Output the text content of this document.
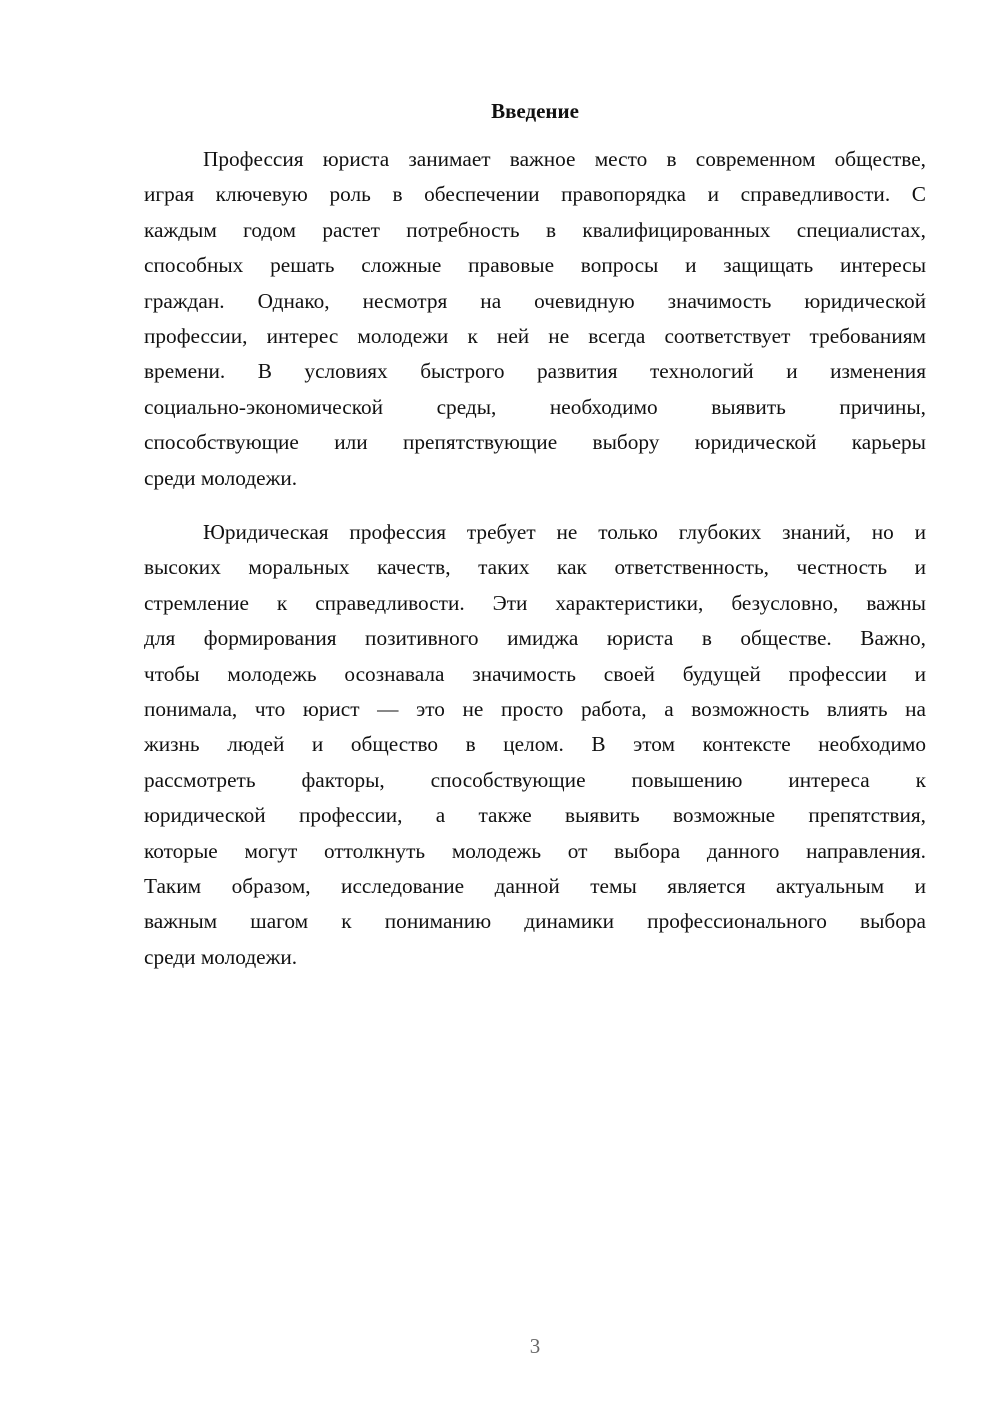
Введение
Профессия юриста занимает важное место в современном обществе,
играя ключевую роль в обеспечении правопорядка и справедливости. С
каждым годом растет потребность в квалифицированных специалистах,
способных решать сложные правовые вопросы и защищать интересы
граждан. Однако, несмотря на очевидную значимость юридической
профессии, интерес молодежи к ней не всегда соответствует требованиям
времени. В условиях быстрого развития технологий и изменения
социально-экономической среды, необходимо выявить причины,
способствующие или препятствующие выбору юридической карьеры
среди молодежи.
Юридическая профессия требует не только глубоких знаний, но и
высоких моральных качеств, таких как ответственность, честность и
стремление к справедливости. Эти характеристики, безусловно, важны
для формирования позитивного имиджа юриста в обществе. Важно,
чтобы молодежь осознавала значимость своей будущей профессии и
понимала, что юрист — это не просто работа, а возможность влиять на
жизнь людей и общество в целом. В этом контексте необходимо
рассмотреть факторы, способствующие повышению интереса к
юридической профессии, а также выявить возможные препятствия,
которые могут оттолкнуть молодежь от выбора данного направления.
Таким образом, исследование данной темы является актуальным и
важным шагом к пониманию динамики профессионального выбора
среди молодежи.

3
